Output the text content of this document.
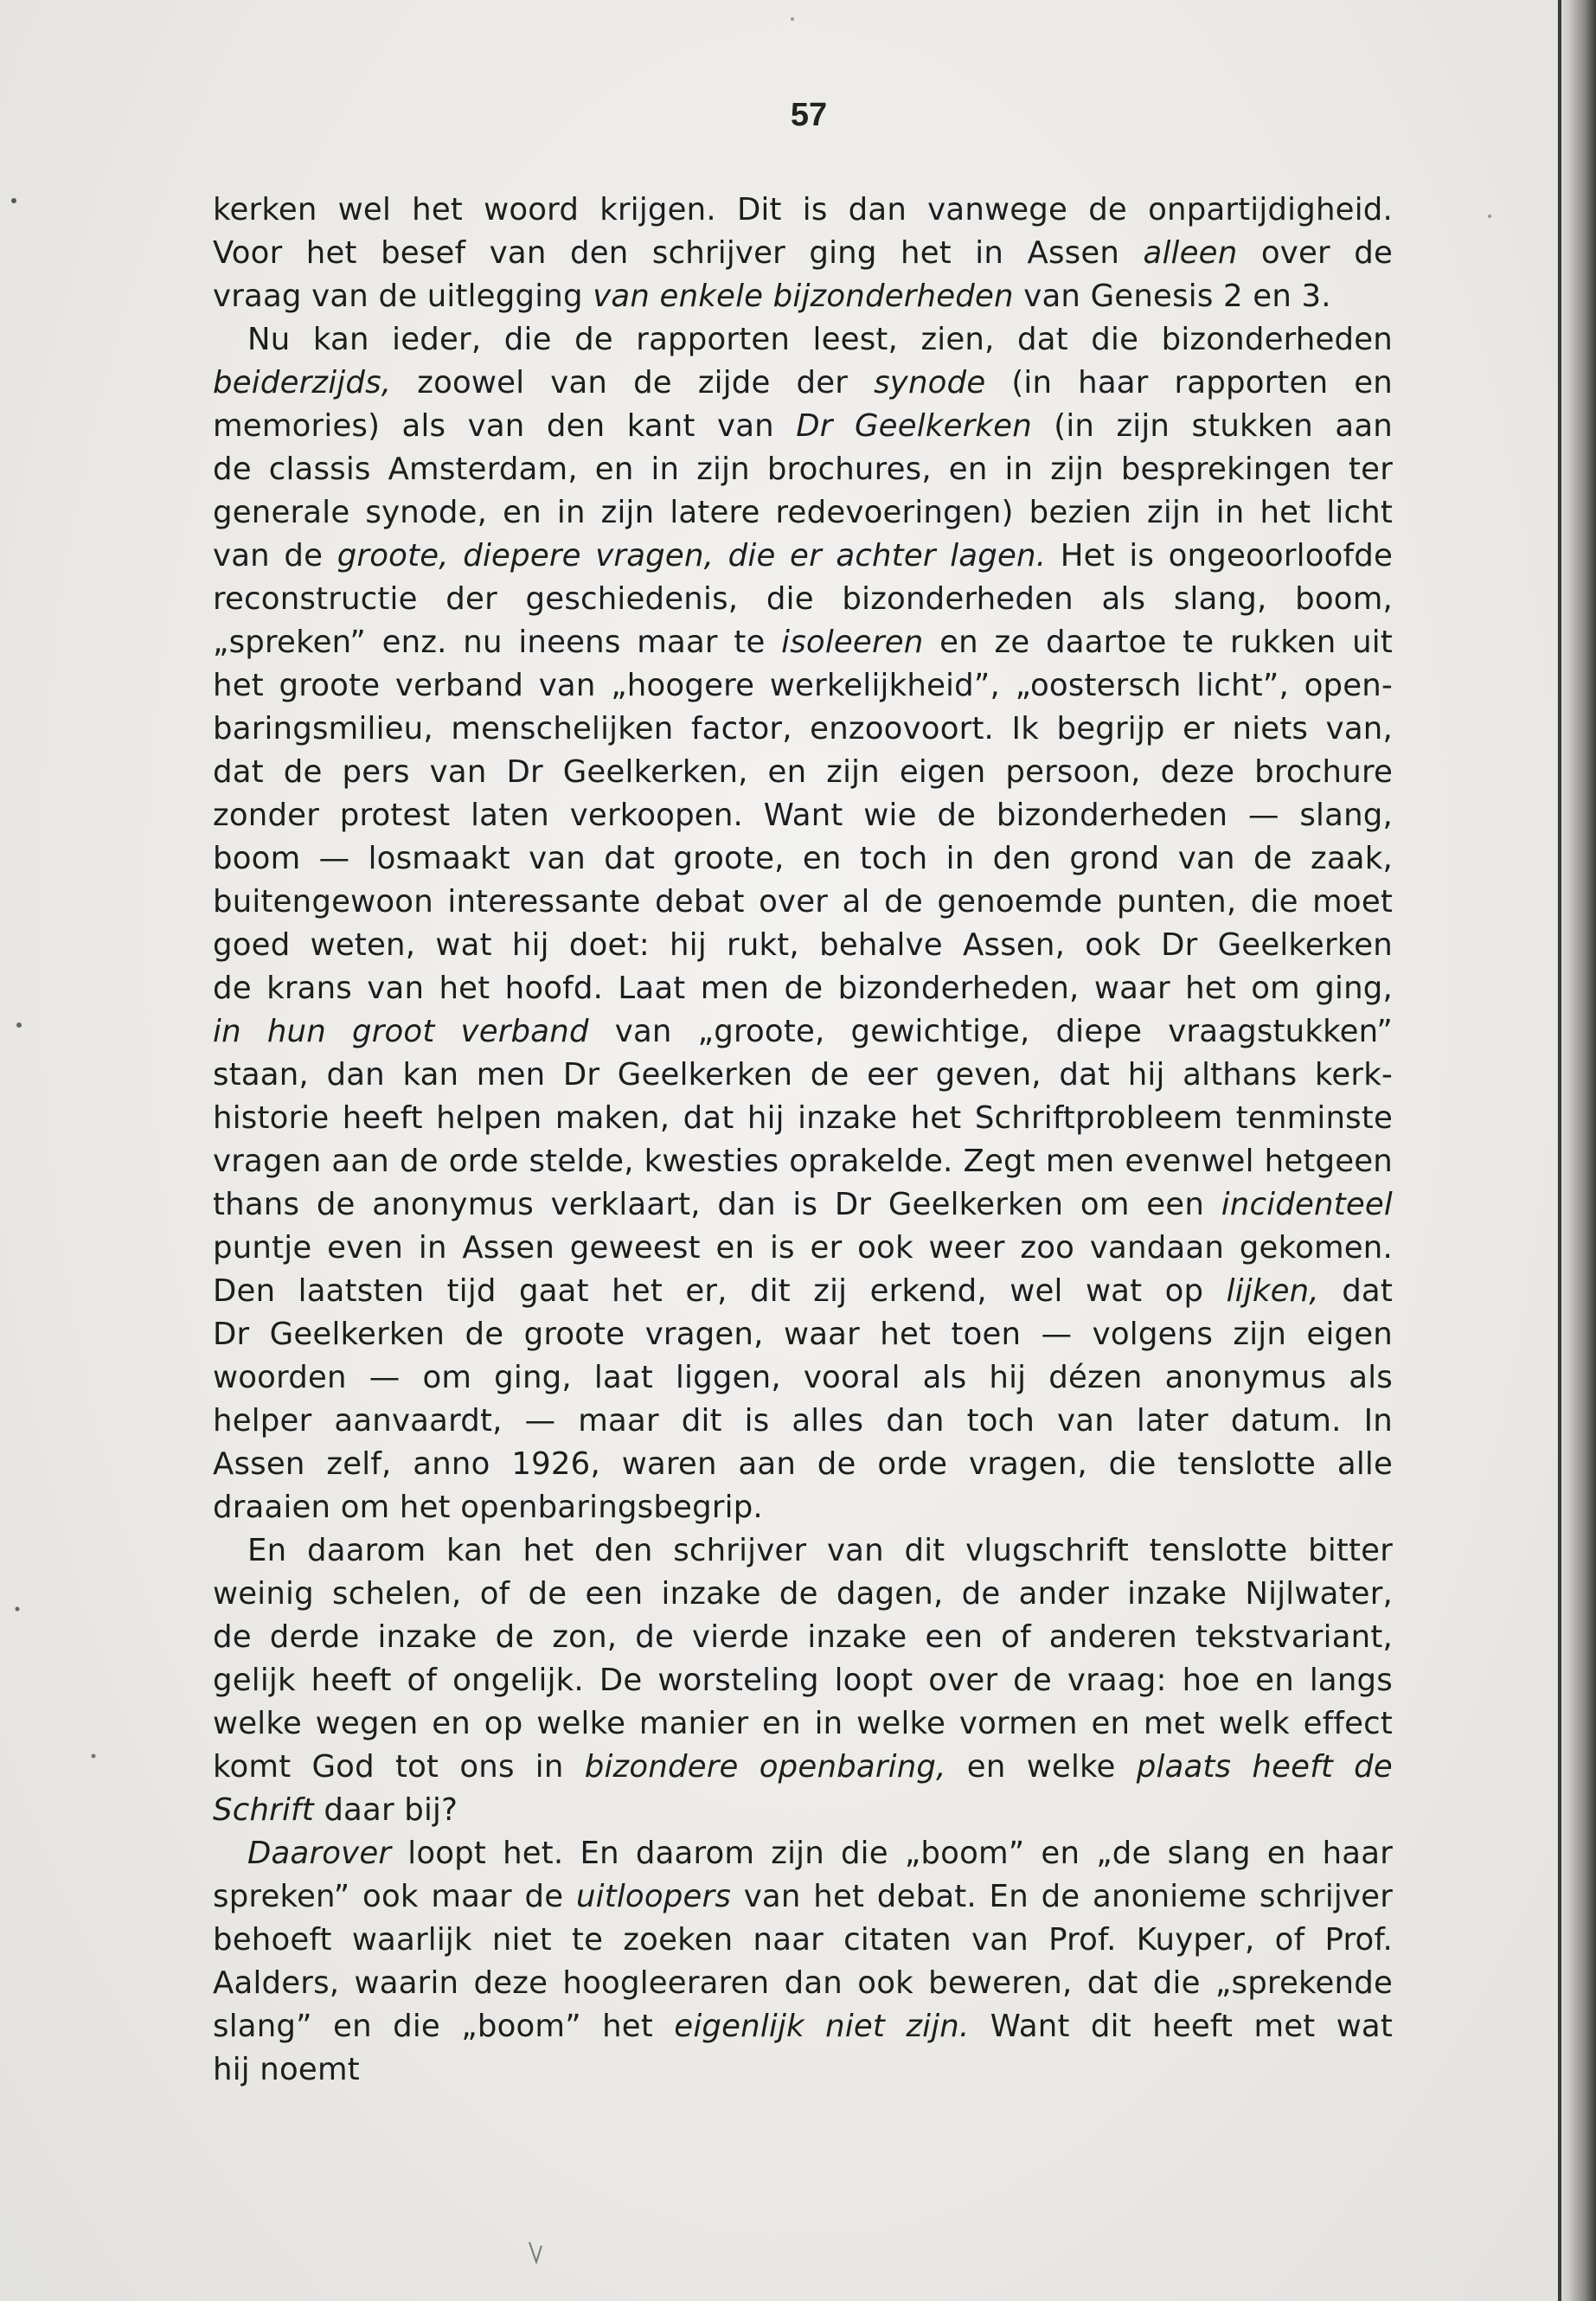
57
kerken wel het woord krijgen. Dit is dan vanwege de onpartijdigheid.
Voor het besef van den schrijver ging het in Assen alleen over de
vraag van de uitlegging van enkele bijzonderheden van Genesis 2 en 3.
Nu kan ieder, die de rapporten leest, zien, dat die bizonderheden
beiderzijds, zoowel van de zijde der synode (in haar rapporten en
memories) als van den kant van Dr Geelkerken (in zijn stukken aan
de classis Amsterdam, en in zijn brochures, en in zijn besprekingen ter
generale synode, en in zijn latere redevoeringen) bezien zijn in het licht
van de groote, diepere vragen, die er achter lagen. Het is ongeoorloofde
reconstructie der geschiedenis, die bizonderheden als slang, boom,
„spreken” enz. nu ineens maar te isoleeren en ze daartoe te rukken uit
het groote verband van „hoogere werkelijkheid”, „oostersch licht”, open-
baringsmilieu, menschelijken factor, enzoovoort. Ik begrijp er niets van,
dat de pers van Dr Geelkerken, en zijn eigen persoon, deze brochure
zonder protest laten verkoopen. Want wie de bizonderheden — slang,
boom — losmaakt van dat groote, en toch in den grond van de zaak,
buitengewoon interessante debat over al de genoemde punten, die moet
goed weten, wat hij doet: hij rukt, behalve Assen, ook Dr Geelkerken
de krans van het hoofd. Laat men de bizonderheden, waar het om ging,
in hun groot verband van „groote, gewichtige, diepe vraagstukken”
staan, dan kan men Dr Geelkerken de eer geven, dat hij althans kerk-
historie heeft helpen maken, dat hij inzake het Schriftprobleem tenminste
vragen aan de orde stelde, kwesties oprakelde. Zegt men evenwel hetgeen
thans de anonymus verklaart, dan is Dr Geelkerken om een incidenteel
puntje even in Assen geweest en is er ook weer zoo vandaan gekomen.
Den laatsten tijd gaat het er, dit zij erkend, wel wat op lijken, dat
Dr Geelkerken de groote vragen, waar het toen — volgens zijn eigen
woorden — om ging, laat liggen, vooral als hij dézen anonymus als
helper aanvaardt, — maar dit is alles dan toch van later datum. In
Assen zelf, anno 1926, waren aan de orde vragen, die tenslotte alle
draaien om het openbaringsbegrip.
En daarom kan het den schrijver van dit vlugschrift tenslotte bitter
weinig schelen, of de een inzake de dagen, de ander inzake Nijlwater,
de derde inzake de zon, de vierde inzake een of anderen tekstvariant,
gelijk heeft of ongelijk. De worsteling loopt over de vraag: hoe en langs
welke wegen en op welke manier en in welke vormen en met welk effect
komt God tot ons in bizondere openbaring, en welke plaats heeft de
Schrift daar bij?
Daarover loopt het. En daarom zijn die „boom” en „de slang en haar
spreken” ook maar de uitloopers van het debat. En de anonieme schrijver
behoeft waarlijk niet te zoeken naar citaten van Prof. Kuyper, of Prof.
Aalders, waarin deze hoogleeraren dan ook beweren, dat die „sprekende
slang” en die „boom” het eigenlijk niet zijn. Want dit heeft met wat
hij noemt
